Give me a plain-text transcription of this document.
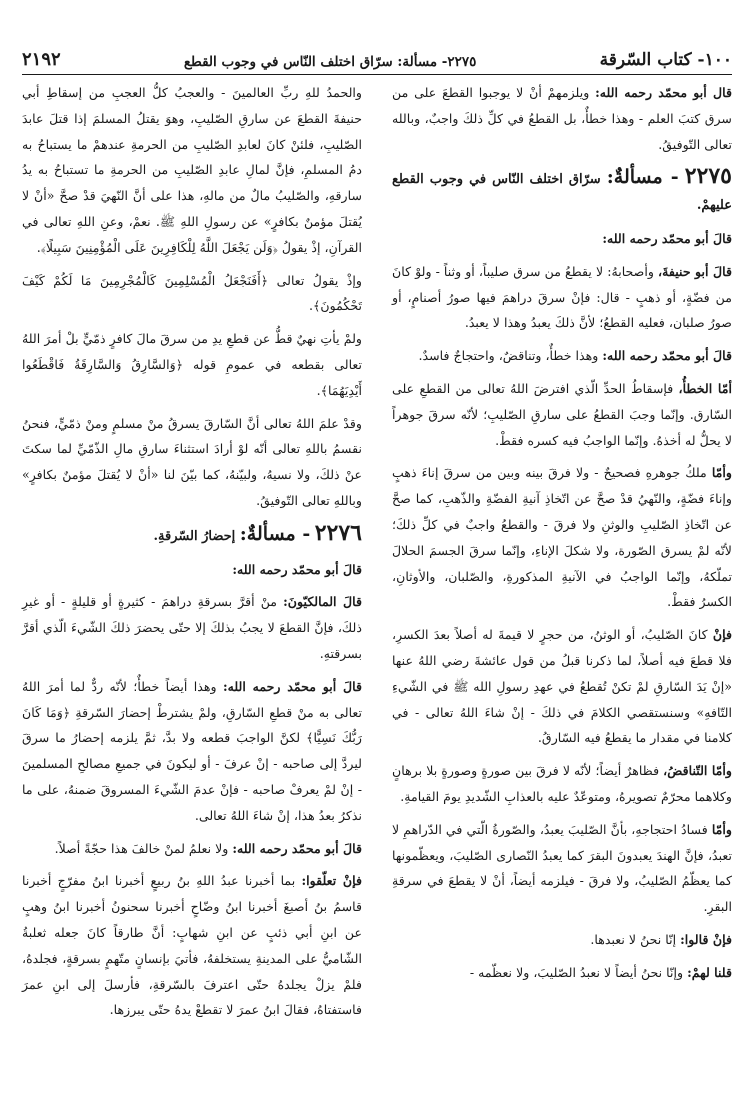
١٠٠- كتاب السّرقة
٢٢٧٥- مسألة: سرّاق اختلف النّاس في وجوب القطع
٢١٩٢

قال أبو محمّد رحمه الله: ويلزمهمْ أنْ لا يوجبوا القطعَ على من سرق كتبَ العلم - وهذا خطأٌ، بل القطعُ في كلِّ ذلكَ واجبٌ، وبالله تعالى التّوفيقُ.

٢٢٧٥ - مسألةٌ: سرّاق اختلف النّاس في وجوب القطع عليهمْ.

قالَ أبو محمّد رحمه الله:

قالَ أبو حنيفةَ، وأصحابهُ: لا يقطعُ من سرق صليباً، أو وثناً - ولوْ كانَ من فضّةٍ، أو ذهبٍ - قال: فإنْ سرقَ دراهمَ فيها صورُ أصنامٍ، أو صورُ صلبان، فعليه القطعُ؛ لأنَّ ذلكَ يعبدُ وهذا لا يعبدُ.

قالَ أبو محمّد رحمه الله: وهذا خطأٌ، وتناقضٌ، واحتجاجٌ فاسدٌ.

أمّا الخطأُ، فإسقاطُ الحدِّ الّذي افترضَ اللهُ تعالى من القطعِ على السّارق. وإنّما وجبَ القطعُ على سارقِ الصّليبِ؛ لأنّه سرقَ جوهراً لا يحلُّ له أخذهُ. وإنّما الواجبُ فيه كسره فقطْ.

وأمّا ملكُ جوهرهِ فصحيحٌ - ولا فرقَ بينه وبين من سرقَ إناءَ ذهبٍ وإناءَ فضّةٍ، والنّهيُ قدْ صحَّ عن اتّخاذِ آنيةِ الفضّةِ والذّهبِ، كما صحَّ عن اتّخاذِ الصّليبِ والوثنِ ولا فرقَ - والقطعُ واجبٌ في كلِّ ذلكَ؛ لأنّه لمْ يسرق الصّورة، ولا شكلَ الإناءِ، وإنّما سرقَ الجسمَ الحلالَ تملّكهُ، وإنّما الواجبُ في الآنيةِ المذكورةِ، والصّلبان، والأوثانِ، الكسرُ فقطْ.

فإنْ كانَ الصّليبُ، أو الوثنُ، من حجرٍ لا قيمةَ له أصلاً بعدَ الكسرِ، فلا قطعَ فيه أصلاً، لما ذكرنا قبلُ من قول عائشةَ رضي اللهُ عنها «إنْ يَدَ السّارقِ لمْ تكنْ تُقطعُ في عهدِ رسولِ الله ﷺ في الشّيءِ التّافهِ» وسنستقصي الكلامَ في ذلكَ - إنْ شاءَ اللهُ تعالى - في كلامنا في مقدار ما يقطعُ فيه السّارقُ.

وأمّا التّناقضُ، فظاهرٌ أيضاً؛ لأنّه لا فرقَ بين صورةٍ وصورةٍ بلا برهانٍ وكلاهما محرّمٌ تصويرهُ، ومتوعّدٌ عليه بالعذابِ الشّديدِ يومَ القيامةِ.

وأمّا فسادُ احتجاجهِ، بأنَّ الصّليبَ يعبدُ، والصّورةُ الّتي في الدّراهمِ لا تعبدُ، فإنَّ الهندَ يعبدونَ البقرَ كما يعبدُ النّصارى الصّليبَ، ويعظّمونها كما يعظّمُ الصّليبُ، ولا فرقَ - فيلزمه أيضاً، أنْ لا يقطعَ في سرقةِ البقرِ.

فإنْ قالوا: إنّا نحنُ لا نعبدها.

قلنا لهمْ: وإنّا نحنُ أيضاً لا نعبدُ الصّليبَ، ولا نعظّمه -

والحمدُ للهِ ربِّ العالمينَ - والعجبُ كلُّ العجبِ من إسقاطِ أبي حنيفةَ القطعَ عن سارقِ الصّليبِ، وهوَ يقتلُ المسلمَ إذا قتلَ عابدَ الصّليبِ، فلئنْ كانَ لعابدِ الصّليبِ من الحرمةِ عندهمْ ما يستباحُ به دمُ المسلمِ، فإنَّ لمالِ عابدِ الصّليبِ من الحرمةِ ما تستباحُ به يدُ سارقهِ، والصّليبُ مالٌ من مالهِ، هذا على أنَّ النّهيَ قدْ صحَّ «أنْ لا يُقتلَ مؤمنٌ بكافرٍ» عن رسولِ اللهِ ﷺ. نعمْ، وعنِ اللهِ تعالى في القرآنِ، إذْ يقولُ ﴿وَلَن يَجْعَلَ اللَّهُ لِلْكَافِرِينَ عَلَى الْمُؤْمِنِينَ سَبِيلًا﴾.

وإذْ يقولُ تعالى ﴿أَفَنَجْعَلُ الْمُسْلِمِينَ كَالْمُجْرِمِينَ مَا لَكُمْ كَيْفَ تَحْكُمُونَ﴾.

ولمْ يأتِ نهيٌ قطُّ عن قطعِ يدِ من سرقَ مالَ كافرٍ ذمّيٍّ بلْ أمرَ اللهُ تعالى بقطعه في عمومِ قوله ﴿وَالسَّارِقُ وَالسَّارِقَةُ فَاقْطَعُوا أَيْدِيَهُمَا﴾.

وقدْ علمَ اللهُ تعالى أنَّ السّارقَ يسرقُ منْ مسلمٍ ومنْ ذمّيٍّ، فنحنُ نقسمُ باللهِ تعالى أنّه لوْ أرادَ استثناءَ سارقِ مالِ الذّمّيِّ لما سكتَ عنْ ذلكَ، ولا نسيهُ، ولبيّنهُ، كما بيّنَ لنا «أنْ لا يُقتلَ مؤمنٌ بكافرٍ» وباللهِ تعالى التّوفيقُ.

٢٢٧٦ - مسألةٌ: إحضارُ السّرقةِ.

قالَ أبو محمّد رحمه الله:

قالَ المالكيّونَ: منْ أقرَّ بسرقةِ دراهمَ - كثيرةٍ أو قليلةٍ - أو غيرِ ذلكَ، فإنَّ القطعَ لا يجبُ بذلكَ إلا حتّى يحضرَ ذلكَ الشّيءَ الّذي أقرَّ بسرقتهِ.

قالَ أبو محمّد رحمه الله: وهذا أيضاً خطأٌ؛ لأنّه ردٌّ لما أمرَ اللهُ تعالى به منْ قطعِ السّارقِ، ولمْ يشترطْ إحضارَ السّرقةِ ﴿وَمَا كَانَ رَبُّكَ نَسِيًّا﴾ لكنَّ الواجبَ قطعه ولا بدَّ، ثمَّ يلزمه إحضارُ ما سرقَ ليردَّ إلى صاحبه - إنْ عرفَ - أو ليكونَ في جميعِ مصالحِ المسلمينَ - إنْ لمْ يعرفْ صاحبه - فإنْ عدمَ الشّيءَ المسروقَ ضمنهُ، على ما نذكرُ بعدُ هذا، إنْ شاءَ اللهُ تعالى.

قالَ أبو محمّد رحمه الله: ولا نعلمُ لمنْ خالفَ هذا حجّةً أصلاً.

فإنْ تعلّقوا: بما أخبرنا عبدُ اللهِ بنُ ربيعٍ أخبرنا ابنُ مفرّجٍ أخبرنا قاسمُ بنُ أصبغَ أخبرنا ابنُ وضّاحٍ أخبرنا سحنونُ أخبرنا ابنُ وهبٍ عن ابنِ أبي ذئبٍ عن ابنِ شهابٍ: أنَّ طارقاً كانَ جعله ثعلبةُ الشّاميُّ على المدينةِ يستخلفهُ، فأتيَ بإنسانٍ متّهمٍ بسرقةٍ، فجلدهُ، فلمْ يزلْ يجلدهُ حتّى اعترفَ بالسّرقةِ، فأرسلَ إلى ابنِ عمرَ فاستفتاهُ، فقالَ ابنُ عمرَ لا تقطعْ يدهُ حتّى يبرزها.
